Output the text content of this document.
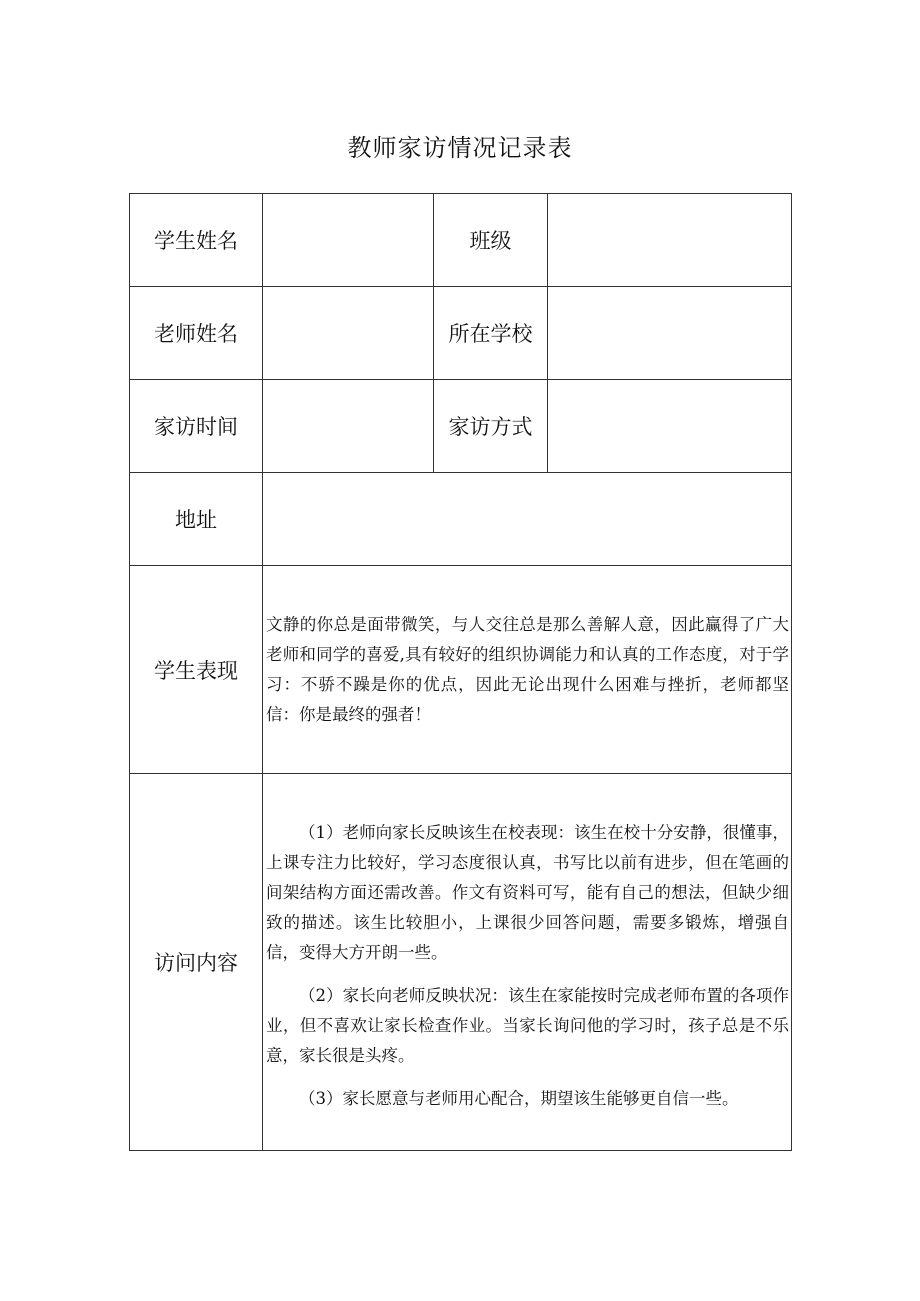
教师家访情况记录表
学生姓名		班级	
老师姓名		所在学校	
家访时间		家访方式	
地址			
学生表现	文静的你总是面带微笑，与人交往总是那么善解人意，因此赢得了广大老师和同学的喜爱,具有较好的组织协调能力和认真的工作态度，对于学习：不骄不躁是你的优点，因此无论出现什么困难与挫折，老师都坚信：你是最终的强者！		

访问内容	（1）老师向家长反映该生在校表现：该生在校十分安静，很懂事，上课专注力比较好，学习态度很认真，书写比以前有进步，但在笔画的间架结构方面还需改善。作文有资料可写，能有自己的想法，但缺少细致的描述。该生比较胆小，上课很少回答问题，需要多锻炼，增强自信，变得大方开朗一些。

（2）家长向老师反映状况：该生在家能按时完成老师布置的各项作业，但不喜欢让家长检查作业。当家长询问他的学习时，孩子总是不乐意，家长很是头疼。

（3）家长愿意与老师用心配合，期望该生能够更自信一些。		
